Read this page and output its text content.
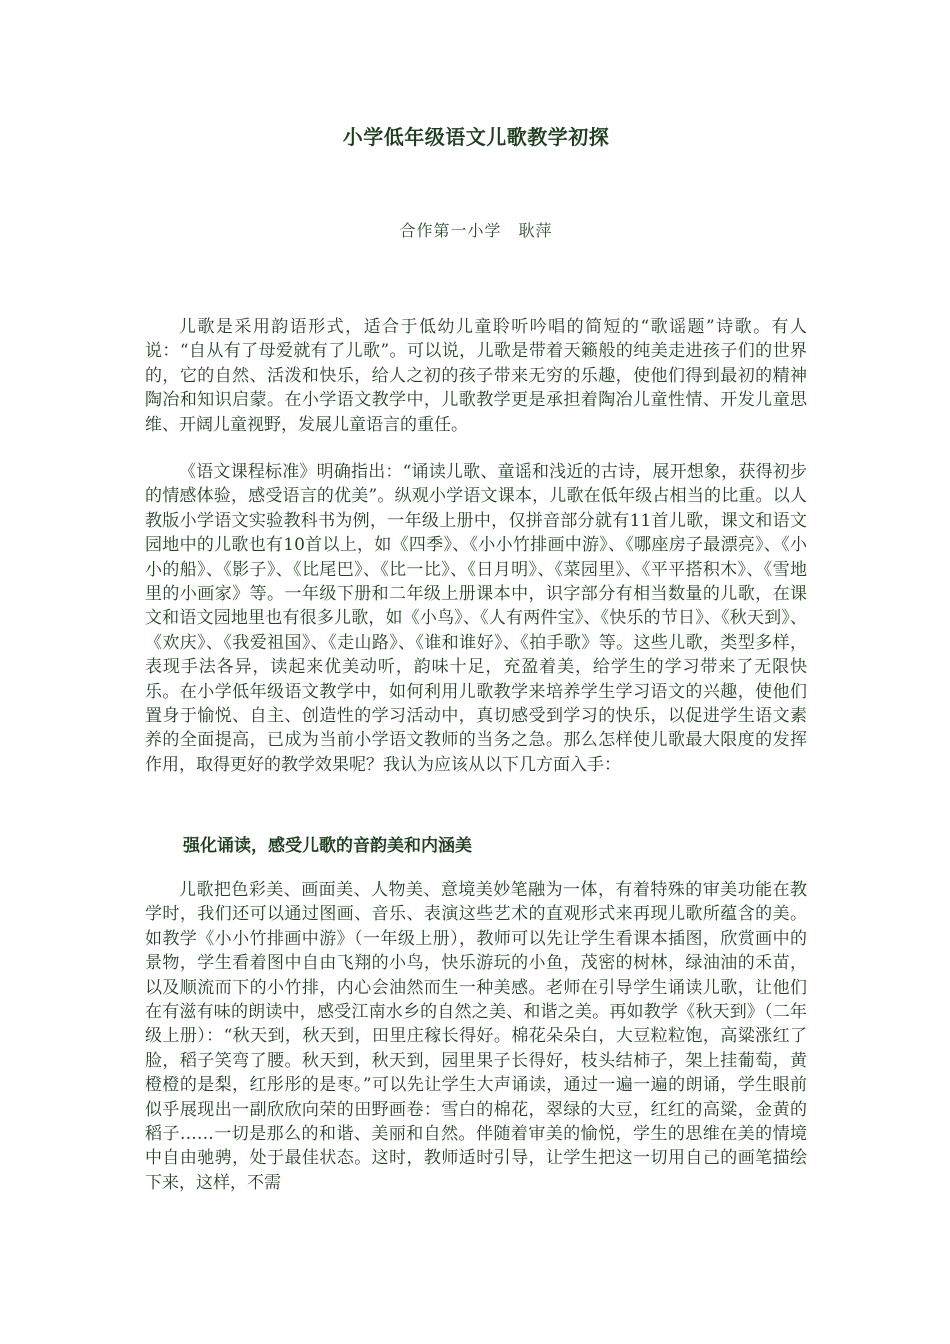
小学低年级语文儿歌教学初探
合作第一小学　耿萍

儿歌是采用韵语形式，适合于低幼儿童聆听吟唱的简短的“歌谣题”诗歌。有人说：“自从有了母爱就有了儿歌”。可以说，儿歌是带着天籁般的纯美走进孩子们的世界的，它的自然、活泼和快乐，给人之初的孩子带来无穷的乐趣，使他们得到最初的精神陶冶和知识启蒙。在小学语文教学中，儿歌教学更是承担着陶冶儿童性情、开发儿童思维、开阔儿童视野，发展儿童语言的重任。

《语文课程标准》明确指出：“诵读儿歌、童谣和浅近的古诗，展开想象，获得初步的情感体验，感受语言的优美”。纵观小学语文课本，儿歌在低年级占相当的比重。以人教版小学语文实验教科书为例，一年级上册中，仅拼音部分就有11首儿歌，课文和语文园地中的儿歌也有10首以上，如《四季》、《小小竹排画中游》、《哪座房子最漂亮》、《小小的船》、《影子》、《比尾巴》、《比一比》、《日月明》、《菜园里》、《平平搭积木》、《雪地里的小画家》等。一年级下册和二年级上册课本中，识字部分有相当数量的儿歌，在课文和语文园地里也有很多儿歌，如《小鸟》、《人有两件宝》、《快乐的节日》、《秋天到》、《欢庆》、《我爱祖国》、《走山路》、《谁和谁好》、《拍手歌》等。这些儿歌，类型多样，表现手法各异，读起来优美动听，韵味十足，充盈着美，给学生的学习带来了无限快乐。在小学低年级语文教学中，如何利用儿歌教学来培养学生学习语文的兴趣，使他们置身于愉悦、自主、创造性的学习活动中，真切感受到学习的快乐，以促进学生语文素养的全面提高，已成为当前小学语文教师的当务之急。那么怎样使儿歌最大限度的发挥作用，取得更好的教学效果呢？我认为应该从以下几方面入手：

强化诵读，感受儿歌的音韵美和内涵美

儿歌把色彩美、画面美、人物美、意境美妙笔融为一体，有着特殊的审美功能在教学时，我们还可以通过图画、音乐、表演这些艺术的直观形式来再现儿歌所蕴含的美。如教学《小小竹排画中游》（一年级上册），教师可以先让学生看课本插图，欣赏画中的景物，学生看着图中自由飞翔的小鸟，快乐游玩的小鱼，茂密的树林，绿油油的禾苗，以及顺流而下的小竹排，内心会油然而生一种美感。老师在引导学生诵读儿歌，让他们在有滋有味的朗读中，感受江南水乡的自然之美、和谐之美。再如教学《秋天到》（二年级上册）：“秋天到，秋天到，田里庄稼长得好。棉花朵朵白，大豆粒粒饱，高粱涨红了脸，稻子笑弯了腰。秋天到，秋天到，园里果子长得好，枝头结柿子，架上挂葡萄，黄橙橙的是梨，红彤彤的是枣。”可以先让学生大声诵读，通过一遍一遍的朗诵，学生眼前似乎展现出一副欣欣向荣的田野画卷：雪白的棉花，翠绿的大豆，红红的高粱，金黄的稻子……一切是那么的和谐、美丽和自然。伴随着审美的愉悦，学生的思维在美的情境中自由驰骋，处于最佳状态。这时，教师适时引导，让学生把这一切用自己的画笔描绘下来，这样，不需
